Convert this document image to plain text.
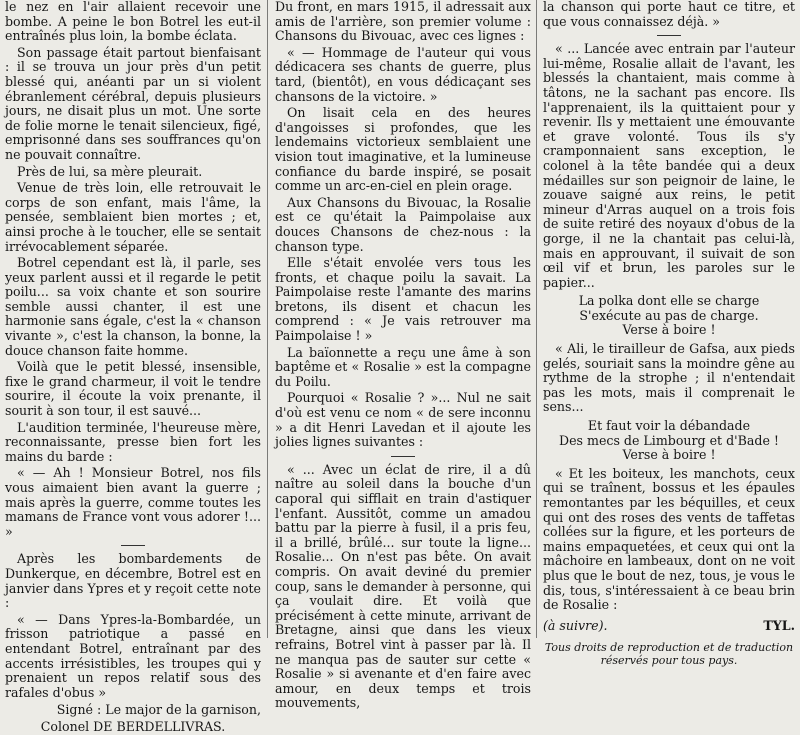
le nez en l'air allaient recevoir une bombe. A peine le bon Botrel les eut-il entraînés plus loin, la bombe éclata.

Son passage était partout bienfaisant : il se trouva un jour près d'un petit blessé qui, anéanti par un si violent ébranlement cérébral, depuis plusieurs jours, ne disait plus un mot. Une sorte de folie morne le tenait silencieux, figé, emprisonné dans ses souffrances qu'on ne pouvait connaître.

Près de lui, sa mère pleurait.

Venue de très loin, elle retrouvait le corps de son enfant, mais l'âme, la pensée, semblaient bien mortes ; et, ainsi proche à le toucher, elle se sentait irrévocablement séparée.

Botrel cependant est là, il parle, ses yeux parlent aussi et il regarde le petit poilu... sa voix chante et son sourire semble aussi chanter, il est une harmonie sans égale, c'est la « chanson vivante », c'est la chanson, la bonne, la douce chanson faite homme.

Voilà que le petit blessé, insensible, fixe le grand charmeur, il voit le tendre sourire, il écoute la voix prenante, il sourit à son tour, il est sauvé...

L'audition terminée, l'heureuse mère, reconnaissante, presse bien fort les mains du barde :

« — Ah ! Monsieur Botrel, nos fils vous aimaient bien avant la guerre ; mais après la guerre, comme toutes les mamans de France vont vous adorer !... »

Après les bombardements de Dunkerque, en décembre, Botrel est en janvier dans Ypres et y reçoit cette note :

« — Dans Ypres-la-Bombardée, un frisson patriotique a passé en entendant Botrel, entraînant par des accents irrésistibles, les troupes qui y prenaient un repos relatif sous des rafales d'obus »

Signé : Le major de la garnison,

Colonel DE BERDELLIVRAS.

Du front, en mars 1915, il adressait aux amis de l'arrière, son premier volume : Chansons du Bivouac, avec ces lignes :

« — Hommage de l'auteur qui vous dédicacera ses chants de guerre, plus tard, (bientôt), en vous dédicaçant ses chansons de la victoire. »

On lisait cela en des heures d'angoisses si profondes, que les lendemains victorieux semblaient une vision tout imaginative, et la lumineuse confiance du barde inspiré, se posait comme un arc-en-ciel en plein orage.

Aux Chansons du Bivouac, la Rosalie est ce qu'était la Paimpolaise aux douces Chansons de chez-nous : la chanson type.

Elle s'était envolée vers tous les fronts, et chaque poilu la savait. La Paimpolaise reste l'amante des marins bretons, ils disent et chacun les comprend : « Je vais retrouver ma Paimpolaise ! »

La baïonnette a reçu une âme à son baptême et « Rosalie » est la compagne du Poilu.

Pourquoi « Rosalie ? »... Nul ne sait d'où est venu ce nom « de sere inconnu » a dit Henri Lavedan et il ajoute les jolies lignes suivantes :

« ... Avec un éclat de rire, il a dû naître au soleil dans la bouche d'un caporal qui sifflait en train d'astiquer l'enfant. Aussitôt, comme un amadou battu par la pierre à fusil, il a pris feu, il a brillé, brûlé... sur toute la ligne... Rosalie... On n'est pas bête. On avait compris. On avait deviné du premier coup, sans le demander à personne, qui ça voulait dire. Et voilà que précisément à cette minute, arrivant de Bretagne, ainsi que dans les vieux refrains, Botrel vint à passer par là. Il ne manqua pas de sauter sur cette « Rosalie » si avenante et d'en faire avec amour, en deux temps et trois mouvements,

la chanson qui porte haut ce titre, et que vous connaissez déjà. »

« ... Lancée avec entrain par l'auteur lui-même, Rosalie allait de l'avant, les blessés la chantaient, mais comme à tâtons, ne la sachant pas encore. Ils l'apprenaient, ils la quittaient pour y revenir. Ils y mettaient une émouvante et grave volonté. Tous ils s'y cramponnaient sans exception, le colonel à la tête bandée qui a deux médailles sur son peignoir de laine, le zouave saigné aux reins, le petit mineur d'Arras auquel on a trois fois de suite retiré des noyaux d'obus de la gorge, il ne la chantait pas celui-là, mais en approuvant, il suivait de son œil vif et brun, les paroles sur le papier...

La polka dont elle se charge
S'exécute au pas de charge.
Verse à boire !

« Ali, le tirailleur de Gafsa, aux pieds gelés, souriait sans la moindre gêne au rythme de la strophe ; il n'entendait pas les mots, mais il comprenait le sens...

Et faut voir la débandade
Des mecs de Limbourg et d'Bade !
Verse à boire !

« Et les boiteux, les manchots, ceux qui se traînent, bossus et les épaules remontantes par les béquilles, et ceux qui ont des roses des vents de taffetas collées sur la figure, et les porteurs de mains empaquetées, et ceux qui ont la mâchoire en lambeaux, dont on ne voit plus que le bout de nez, tous, je vous le dis, tous, s'intéressaient à ce beau brin de Rosalie :

(à suivre).	TYL.
Tous droits de reproduction et de traduction réservés pour tous pays.
